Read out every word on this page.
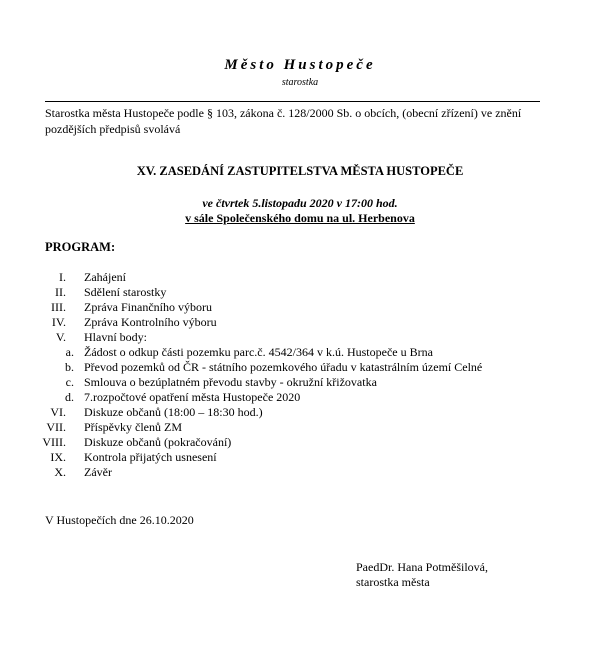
Město Hustopeče
starostka
Starostka města Hustopeče podle § 103, zákona č. 128/2000 Sb. o obcích, (obecní zřízení) ve znění pozdějších předpisů svolává
XV. ZASEDÁNÍ ZASTUPITELSTVA MĚSTA HUSTOPEČE
ve čtvrtek 5.listopadu 2020 v 17:00 hod.
v sále Společenského domu na ul. Herbenova
PROGRAM:
I. Zahájení
II. Sdělení starostky
III. Zpráva Finančního výboru
IV. Zpráva Kontrolního výboru
V. Hlavní body:
a. Žádost o odkup části pozemku parc.č. 4542/364 v k.ú. Hustopeče u Brna
b. Převod pozemků od ČR - státního pozemkového úřadu v katastrálním území Celné
c. Smlouva o bezúplatném převodu stavby - okružní křižovatka
d. 7.rozpočtové opatření města Hustopeče 2020
VI. Diskuze občanů (18:00 – 18:30 hod.)
VII. Příspěvky členů ZM
VIII. Diskuze občanů (pokračování)
IX. Kontrola přijatých usnesení
X. Závěr
V Hustopečích dne 26.10.2020
PaedDr. Hana Potměšilová,
starostka města
